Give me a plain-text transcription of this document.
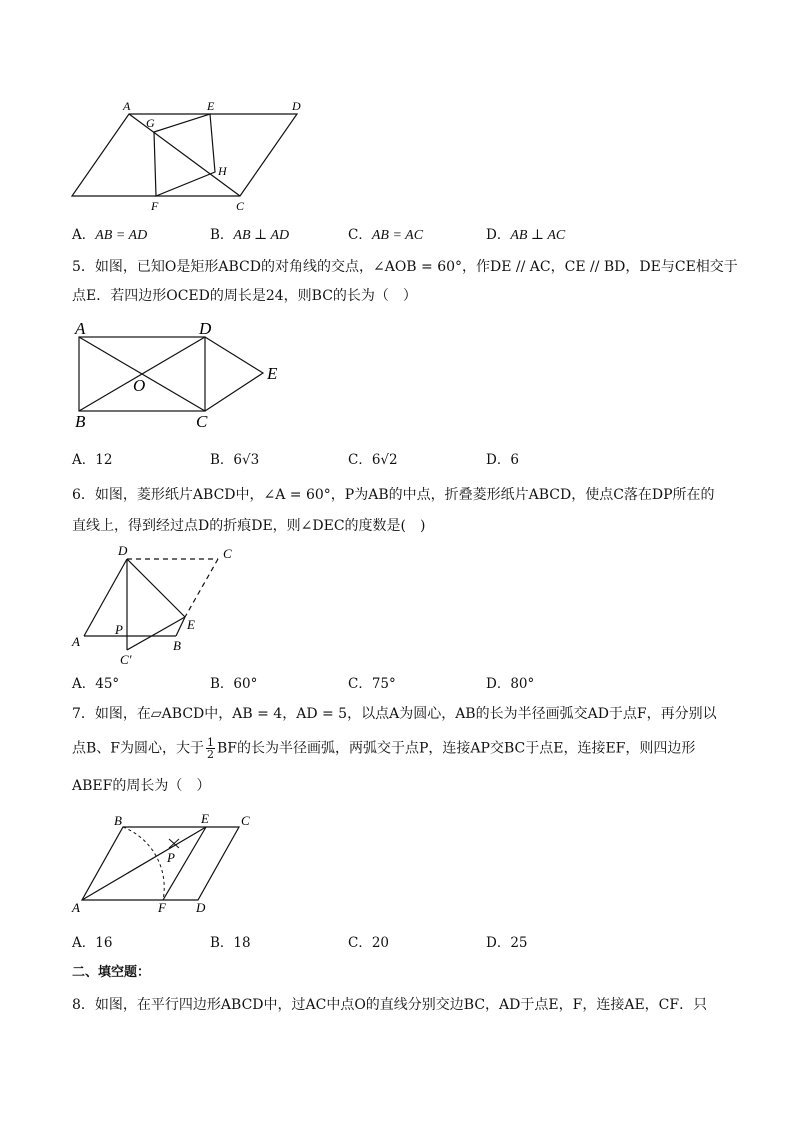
A	E	D
G
H
F	C
A．AB = AD	B．AB ⊥ AD	C．AB = AC	D．AB ⊥ AC
5．如图，已知O是矩形ABCD的对角线的交点，∠AOB = 60°，作DE // AC，CE // BD，DE与CE相交于
点E．若四边形OCED的周长是24，则BC的长为（　）
A	D
B	C
O
E
A．12	B．6√3	C．6√2	D．6
6．如图，菱形纸片ABCD中，∠A = 60°，P为AB的中点，折叠菱形纸片ABCD，使点C落在DP所在的
直线上，得到经过点D的折痕DE，则∠DEC的度数是(　)
D	C
A
P	E
B
C′
A．45°	B．60°	C．75°	D．80°
7．如图，在▱ABCD中，AB = 4，AD = 5，以点A为圆心，AB的长为半径画弧交AD于点F，再分别以
点B、F为圆心，大于 $\frac{1}{2}$ BF的长为半径画弧，两弧交于点P，连接AP交BC于点E，连接EF，则四边形
ABEF的周长为（　）
B	E C
P
A	F D
A．16	B．18	C．20	D．25
二、填空题：
8．如图，在平行四边形ABCD中，过AC中点O的直线分别交边BC，AD于点E，F，连接AE，CF．只
